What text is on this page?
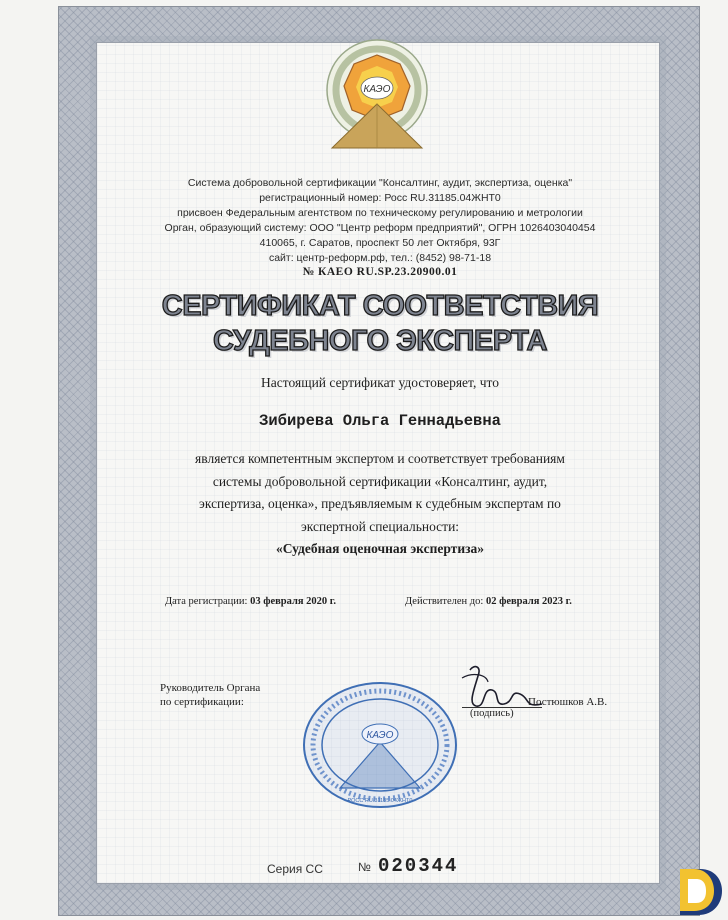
КАЭО
Система добровольной сертификации "Консалтинг, аудит, экспертиза, оценка"
регистрационный номер: Росс RU.31185.04ЖНТ0
присвоен Федеральным агентством по техническому регулированию и метрологии
Орган, образующий систему: ООО "Центр реформ предприятий", ОГРН 1026403040454
410065, г. Саратов, проспект 50 лет Октября, 93Г
сайт: центр-реформ.рф, тел.: (8452) 98-71-18
№ КАЕО RU.SP.23.20900.01
СЕРТИФИКАТ СООТВЕТСТВИЯ
СУДЕБНОГО ЭКСПЕРТА
Настоящий сертификат удостоверяет, что
Зибирева Ольга Геннадьевна
является компетентным экспертом и соответствует требованиям
системы добровольной сертификации «Консалтинг, аудит,
экспертиза, оценка», предъявляемым к судебным экспертам по
экспертной специальности:
«Судебная оценочная экспертиза»
Дата регистрации: 03 февраля 2020 г.	Действителен до: 02 февраля 2023 г.
Руководитель Органа
по сертификации:
КАЭО
РОСС RU.31185.04ЖНТ0
(подпись)
Постюшков А.В.
Серия СС	№ 020344
